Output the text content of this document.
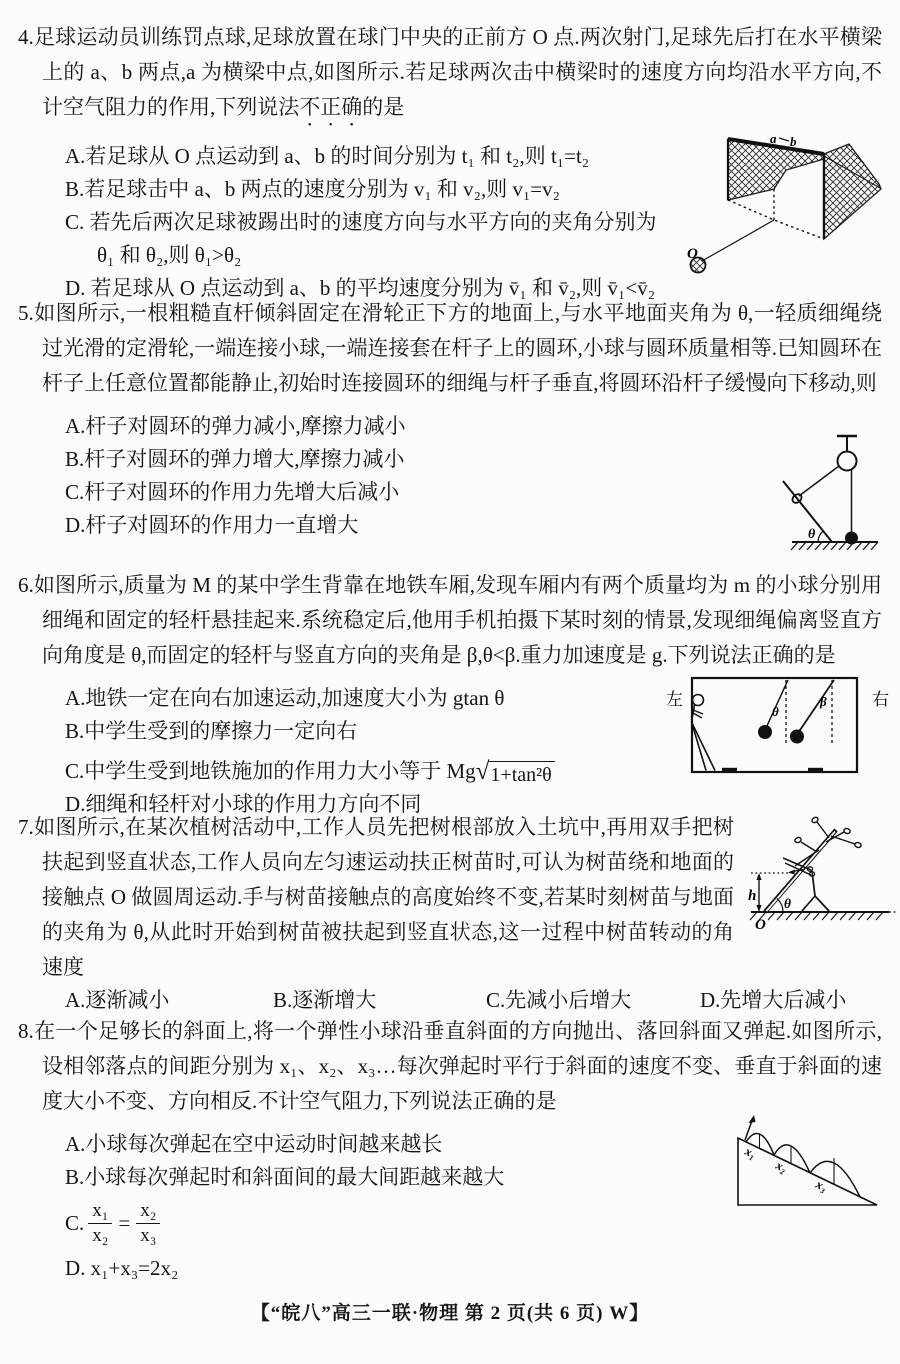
4.足球运动员训练罚点球,足球放置在球门中央的正前方 O 点.两次射门,足球先后打在水平横梁上的 a、b 两点,a 为横梁中点,如图所示.若足球两次击中横梁时的速度方向均沿水平方向,不计空气阻力的作用,下列说法不正确的是

A.若足球从 O 点运动到 a、b 的时间分别为 t₁ 和 t₂,则 t₁=t₂
B.若足球击中 a、b 两点的速度分别为 v₁ 和 v₂,则 v₁=v₂
C. 若先后两次足球被踢出时的速度方向与水平方向的夹角分别为
θ₁ 和 θ₂,则 θ₁>θ₂
D. 若足球从 O 点运动到 a、b 的平均速度分别为 v̄₁ 和 v̄₂,则 v̄₁<v̄₂
a b
O

5.如图所示,一根粗糙直杆倾斜固定在滑轮正下方的地面上,与水平地面夹角为 θ,一轻质细绳绕过光滑的定滑轮,一端连接小球,一端连接套在杆子上的圆环,小球与圆环质量相等.已知圆环在杆子上任意位置都能静止,初始时连接圆环的细绳与杆子垂直,将圆环沿杆子缓慢向下移动,则

A.杆子对圆环的弹力减小,摩擦力减小
B.杆子对圆环的弹力增大,摩擦力减小
C.杆子对圆环的作用力先增大后减小
D.杆子对圆环的作用力一直增大	θ

6.如图所示,质量为 M 的某中学生背靠在地铁车厢,发现车厢内有两个质量均为 m 的小球分别用细绳和固定的轻杆悬挂起来.系统稳定后,他用手机拍摄下某时刻的情景,发现细绳偏离竖直方向角度是 θ,而固定的轻杆与竖直方向的夹角是 β,θ<β.重力加速度是 g.下列说法正确的是

A.地铁一定在向右加速运动,加速度大小为 gtan θ
B.中学生受到的摩擦力一定向右
C.中学生受到地铁施加的作用力大小等于 Mg √ 1+tan²θ
D.细绳和轻杆对小球的作用力方向不同
左	右
θ
β

7.如图所示,在某次植树活动中,工作人员先把树根部放入土坑中,再用双手把树扶起到竖直状态,工作人员向左匀速运动扶正树苗时,可认为树苗绕和地面的接触点 O 做圆周运动.手与树苗接触点的高度始终不变,若某时刻树苗与地面的夹角为 θ,从此时开始到树苗被扶起到竖直状态,这一过程中树苗转动的角速度

A.逐渐减小	B.逐渐增大	C.先减小后增大	D.先增大后减小
h θ
O

8.在一个足够长的斜面上,将一个弹性小球沿垂直斜面的方向抛出、落回斜面又弹起.如图所示,设相邻落点的间距分别为 x₁、x₂、x₃…每次弹起时平行于斜面的速度不变、垂直于斜面的速度大小不变、方向相反.不计空气阻力,下列说法正确的是

A.小球每次弹起在空中运动时间越来越长
B.小球每次弹起时和斜面间的最大间距越来越大
C. $\frac{\text{x₁}}{\text{x₂}} = \frac{\text{x₂}}{\text{x₃}}$
D. x₁+x₃=2x₂
x₁
x₂
x₃
【“皖八”高三一联·物理 第 2 页(共 6 页) W】
